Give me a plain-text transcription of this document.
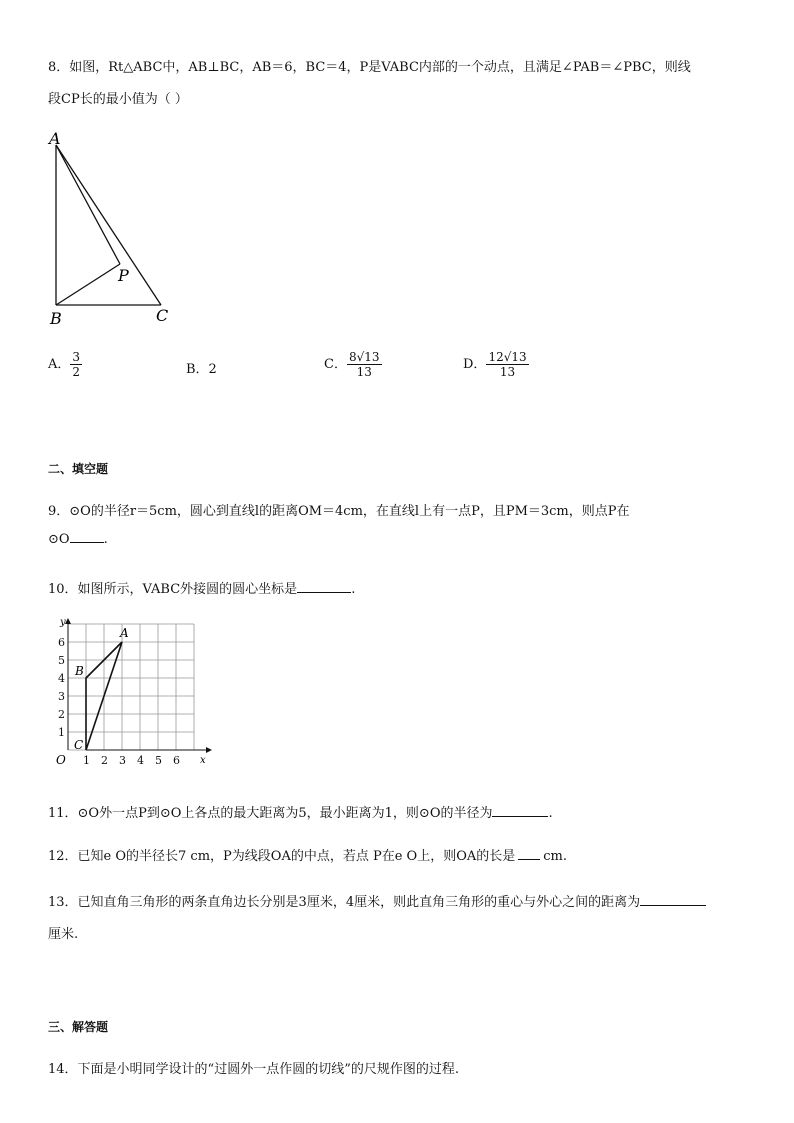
8．如图，Rt△ABC中，AB⊥BC，AB＝6，BC＝4，P是VABC内部的一个动点，且满足∠PAB＝∠PBC，则线
段CP长的最小值为（ ）
A
B	C
P
A． $\frac{3}{2}$	B．2	C． $\frac{8√13}{13}$	D． $\frac{12√13}{13}$
二、填空题
9．⊙O的半径r＝5cm，圆心到直线l的距离OM＝4cm，在直线l上有一点P，且PM＝3cm，则点P在
⊙O	.
10．如图所示，VABC外接圆的圆心坐标是	.
1 2 3 4 5 6
1
2
3
4
5
6
y
x
O
A
B
C
11．⊙O外一点P到⊙O上各点的最大距离为5，最小距离为1，则⊙O的半径为	.
12．已知e O的半径长7 cm，P为线段OA的中点，若点 P在e O上，则OA的长是 cm.
13．已知直角三角形的两条直角边长分别是3厘米，4厘米，则此直角三角形的重心与外心之间的距离为
厘米.
三、解答题
14．下面是小明同学设计的“过圆外一点作圆的切线”的尺规作图的过程.
